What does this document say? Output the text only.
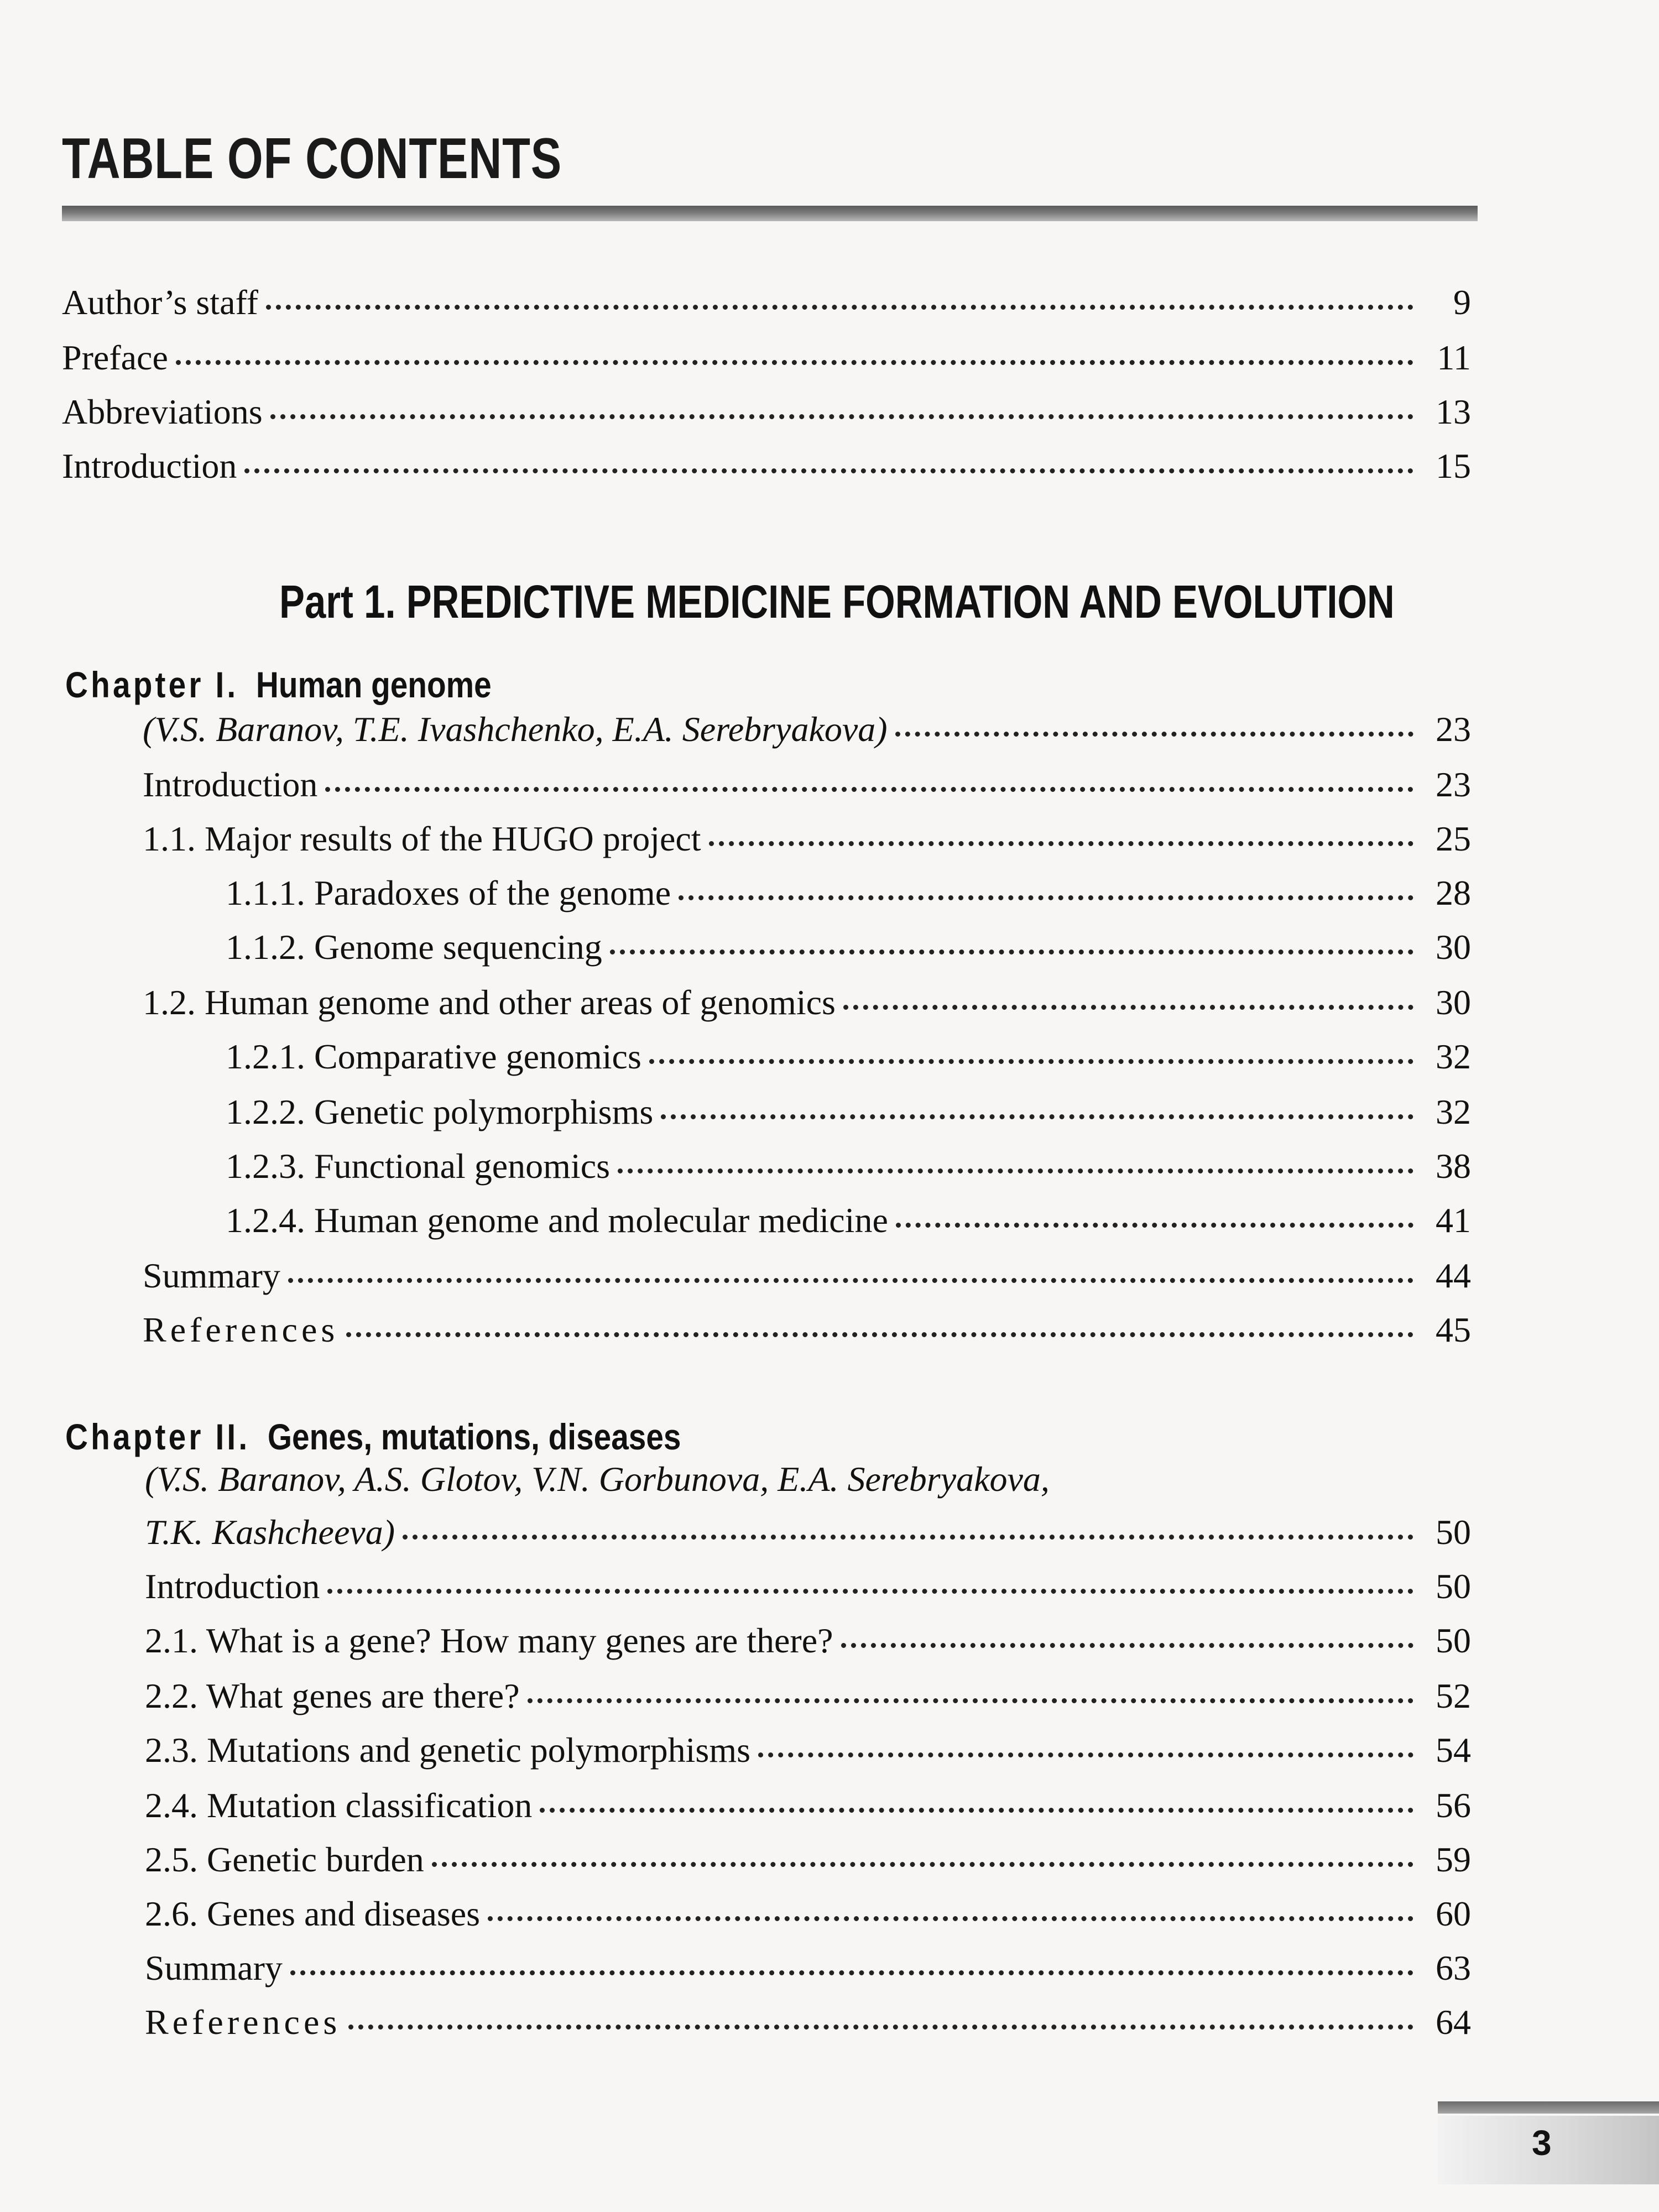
TABLE OF CONTENTS
Author’s staff	9
Preface	11
Abbreviations	13
Introduction	15
Part 1. PREDICTIVE MEDICINE FORMATION AND EVOLUTION
Chapter I. Human genome
(V.S. Baranov, T.E. Ivashchenko, E.A. Serebryakova)	23
Introduction	23
1.1. Major results of the HUGO project	25
1.1.1. Paradoxes of the genome	28
1.1.2. Genome sequencing	30
1.2. Human genome and other areas of genomics	30
1.2.1. Comparative genomics	32
1.2.2. Genetic polymorphisms	32
1.2.3. Functional genomics	38
1.2.4. Human genome and molecular medicine	41
Summary	44
References	45
Chapter II. Genes, mutations, diseases
(V.S. Baranov, A.S. Glotov, V.N. Gorbunova, E.A. Serebryakova,
T.K. Kashcheeva)	50
Introduction	50
2.1. What is a gene? How many genes are there?	50
2.2. What genes are there?	52
2.3. Mutations and genetic polymorphisms	54
2.4. Mutation classification	56
2.5. Genetic burden	59
2.6. Genes and diseases	60
Summary	63
References	64
3
